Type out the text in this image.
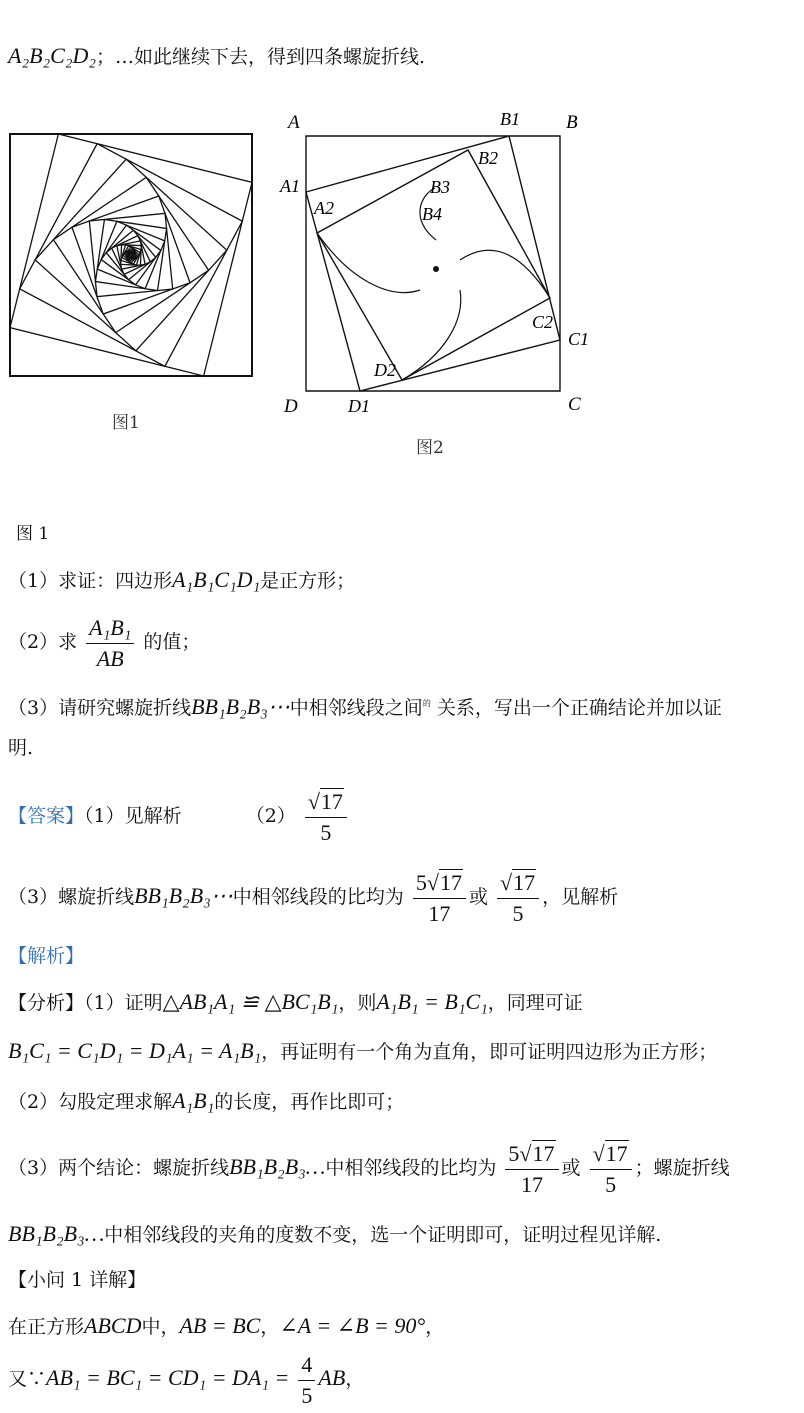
A₂B₂C₂D₂；…如此继续下去，得到四条螺旋折线.
图1
A	B
C
D
B1
A1
C1
D1
B2
A2
C2
D2
B3
B4
图2
图 1
（1）求证：四边形A₁B₁C₁D₁是正方形；
（2）求 $\frac{\text{A₁B₁}}{AB}$ 的值；
（3）请研究螺旋折线BB₁B₂B₃⋯中相邻线段之间$^的$ 关系，写出一个正确结论并加以证
明.
【答案】（1）见解析	$(2) \frac{√17}{5}$
（3）螺旋折线BB₁B₂B₃⋯中相邻线段的比均为 $\frac{5√17}{17}$ 或 $\frac{√17}{5}$ ，见解析
【解析】
【分析】（1）证明△AB₁A₁ ≌ △BC₁B₁，则A₁B₁ = B₁C₁，同理可证
B₁C₁ = C₁D₁ = D₁A₁ = A₁B₁，再证明有一个角为直角，即可证明四边形为正方形；
（2）勾股定理求解A₁B₁的长度，再作比即可；
（3）两个结论：螺旋折线BB₁B₂B₃…中相邻线段的比均为 $\frac{5√17}{17}$ 或 $\frac{√17}{5}$ ；螺旋折线
BB₁B₂B₃…中相邻线段的夹角的度数不变，选一个证明即可，证明过程见详解.
【小问 1 详解】
在正方形ABCD中，AB = BC，∠A = ∠B = 90°，
又∵AB₁ = $BC_1 = CD_1 = DA_1 = \frac{4}{5}$ AB，
